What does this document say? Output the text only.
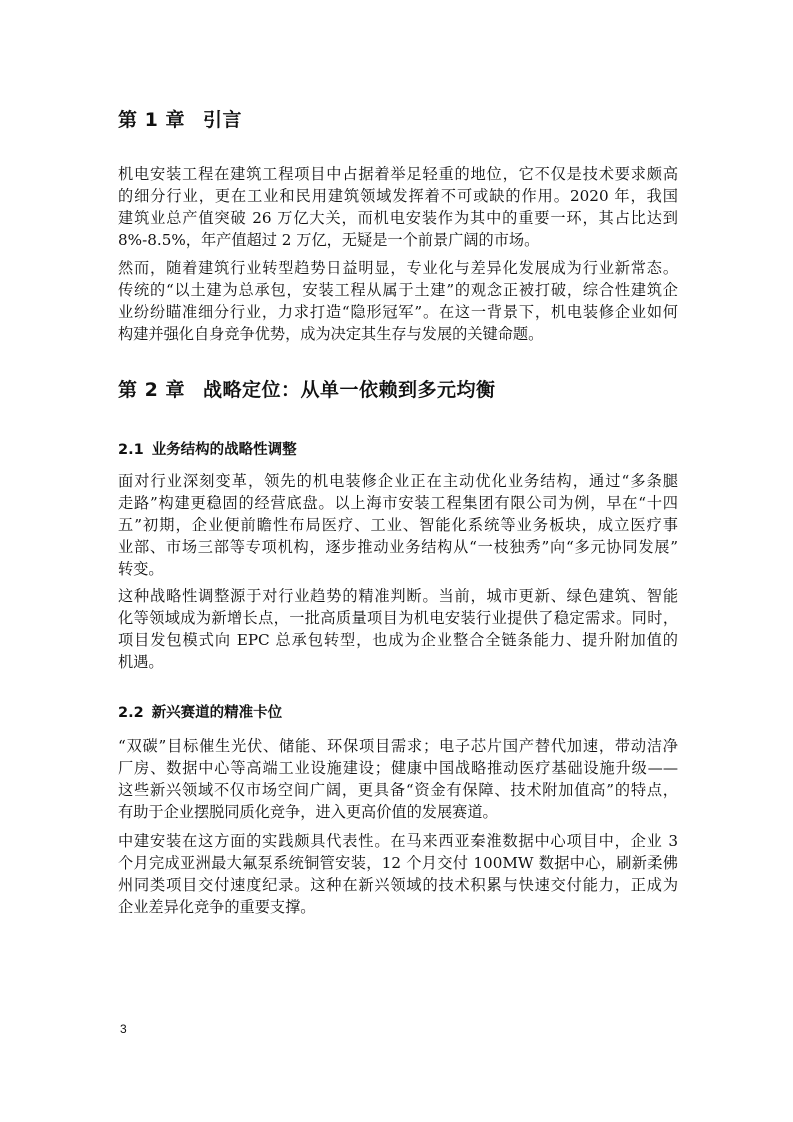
第 1 章 引言
机电安装工程在建筑工程项目中占据着举足轻重的地位，它不仅是技术要求颇高
的细分行业，更在工业和民用建筑领域发挥着不可或缺的作用。2020 年，我国
建筑业总产值突破 26 万亿大关，而机电安装作为其中的重要一环，其占比达到
8%-8.5%，年产值超过 2 万亿，无疑是一个前景广阔的市场。
然而，随着建筑行业转型趋势日益明显，专业化与差异化发展成为行业新常态。
传统的“以土建为总承包，安装工程从属于土建”的观念正被打破，综合性建筑企
业纷纷瞄准细分行业，力求打造“隐形冠军”。在这一背景下，机电装修企业如何
构建并强化自身竞争优势，成为决定其生存与发展的关键命题。
第 2 章 战略定位：从单一依赖到多元均衡
2.1 业务结构的战略性调整
面对行业深刻变革，领先的机电装修企业正在主动优化业务结构，通过“多条腿
走路”构建更稳固的经营底盘。以上海市安装工程集团有限公司为例，早在“十四
五”初期，企业便前瞻性布局医疗、工业、智能化系统等业务板块，成立医疗事
业部、市场三部等专项机构，逐步推动业务结构从“一枝独秀”向“多元协同发展”
转变。
这种战略性调整源于对行业趋势的精准判断。当前，城市更新、绿色建筑、智能
化等领域成为新增长点，一批高质量项目为机电安装行业提供了稳定需求。同时，
项目发包模式向 EPC 总承包转型，也成为企业整合全链条能力、提升附加值的
机遇。
2.2 新兴赛道的精准卡位
“双碳”目标催生光伏、储能、环保项目需求；电子芯片国产替代加速，带动洁净
厂房、数据中心等高端工业设施建设；健康中国战略推动医疗基础设施升级——
这些新兴领域不仅市场空间广阔，更具备“资金有保障、技术附加值高”的特点，
有助于企业摆脱同质化竞争，进入更高价值的发展赛道。
中建安装在这方面的实践颇具代表性。在马来西亚秦淮数据中心项目中，企业 3
个月完成亚洲最大氟泵系统铜管安装，12 个月交付 100MW 数据中心，刷新柔佛
州同类项目交付速度纪录。这种在新兴领域的技术积累与快速交付能力，正成为
企业差异化竞争的重要支撑。
3
